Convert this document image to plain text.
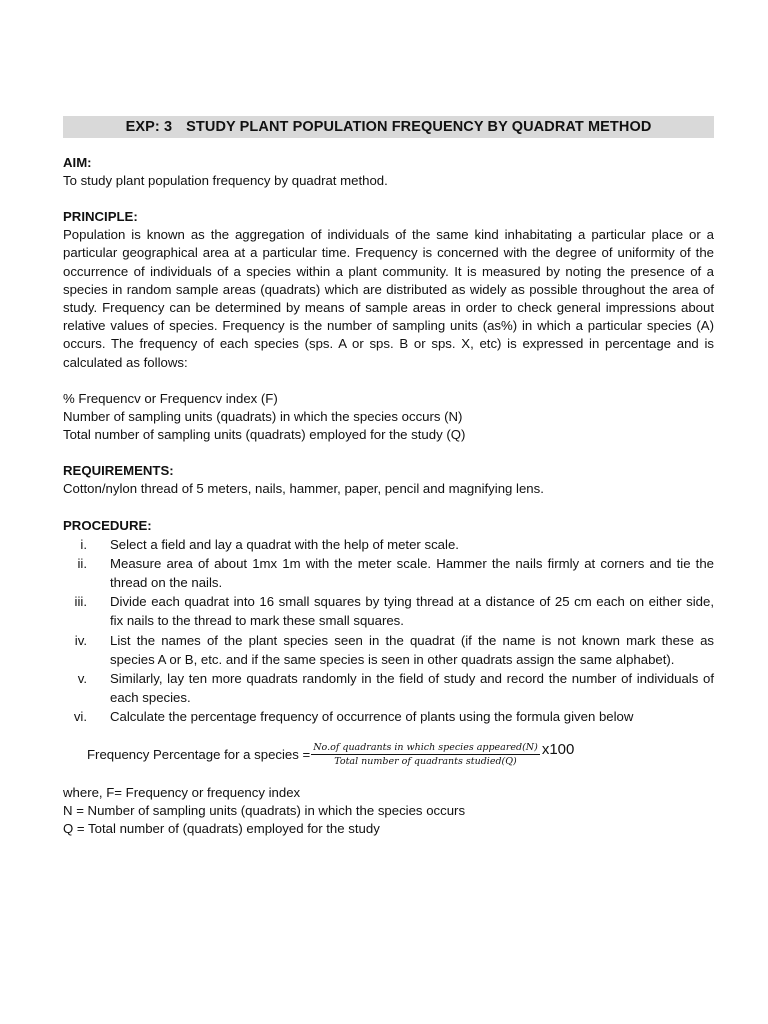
EXP: 3 STUDY PLANT POPULATION FREQUENCY BY QUADRAT METHOD

AIM:

To study plant population frequency by quadrat method.

PRINCIPLE:

Population is known as the aggregation of individuals of the same kind inhabitating a particular place or a particular geographical area at a particular time. Frequency is concerned with the degree of uniformity of the occurrence of individuals of a species within a plant community. It is measured by noting the presence of a species in random sample areas (quadrats) which are distributed as widely as possible throughout the area of study. Frequency can be determined by means of sample areas in order to check general impressions about relative values of species. Frequency is the number of sampling units (as%) in which a particular species (A) occurs. The frequency of each species (sps. A or sps. B or sps. X, etc) is expressed in percentage and is calculated as follows:

% Frequencv or Frequencv index (F)

Number of sampling units (quadrats) in which the species occurs (N)

Total number of sampling units (quadrats) employed for the study (Q)

REQUIREMENTS:

Cotton/nylon thread of 5 meters, nails, hammer, paper, pencil and magnifying lens.

PROCEDURE:

i. Select a field and lay a quadrat with the help of meter scale.
ii. Measure area of about 1mx 1m with the meter scale. Hammer the nails firmly at corners and tie the thread on the nails.
iii. Divide each quadrat into 16 small squares by tying thread at a distance of 25 cm each on either side, fix nails to the thread to mark these small squares.
iv. List the names of the plant species seen in the quadrat (if the name is not known mark these as species A or B, etc. and if the same species is seen in other quadrats assign the same alphabet).
v. Similarly, lay ten more quadrats randomly in the field of study and record the number of individuals of each species.
vi. Calculate the percentage frequency of occurrence of plants using the formula given below
Frequency Percentage for a species = $\frac{\text{No.of quadrants in which species appeared(N)}}{\text{Total number of quadrants studied(Q)}} x100$

where, F= Frequency or frequency index

N = Number of sampling units (quadrats) in which the species occurs

Q = Total number of (quadrats) employed for the study
